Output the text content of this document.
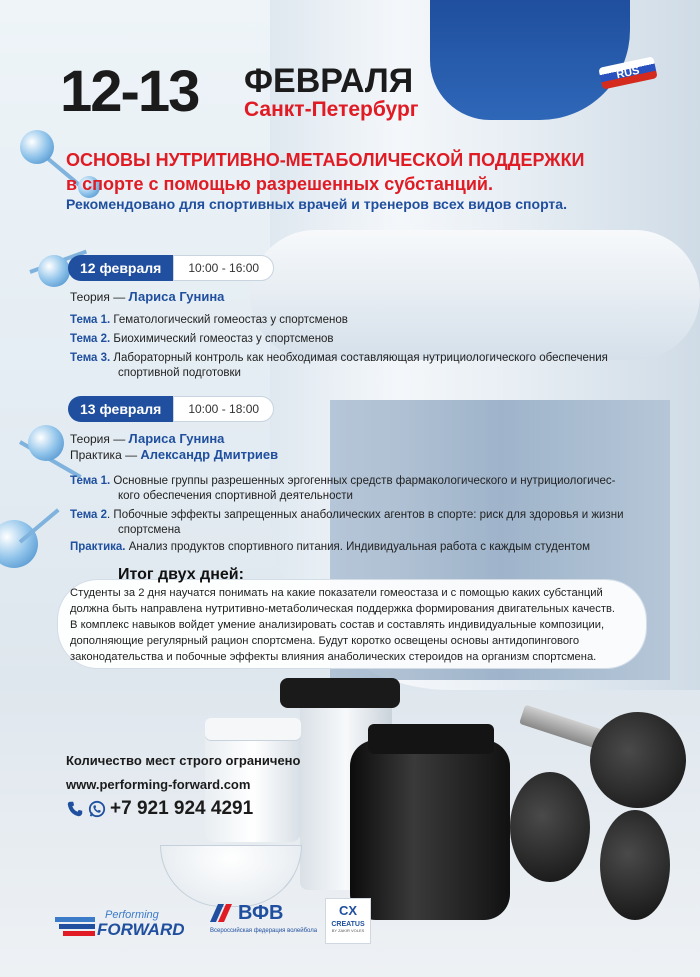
RUS
12-13 ФЕВРАЛЯ
Санкт-Петербург
ОСНОВЫ НУТРИТИВНО-МЕТАБОЛИЧЕСКОЙ ПОДДЕРЖКИ
в спорте с помощью разрешенных субстанций.
Рекомендовано для спортивных врачей и тренеров всех видов спорта.
12 февраля	10:00 - 16:00
Теория — Лариса Гунина
Тема 1. Гематологический гомеостаз у спортсменов
Тема 2. Биохимический гомеостаз у спортсменов
Тема 3. Лабораторный контроль как необходимая составляющая нутрициологического обеспечения
спортивной подготовки
13 февраля	10:00 - 18:00
Теория — Лариса Гунина
Практика — Александр Дмитриев
Тема 1. Основные группы разрешенных эргогенных средств фармакологического и нутрициологичес-
кого обеспечения спортивной деятельности
Тема 2. Побочные эффекты запрещенных анаболических агентов в спорте: риск для здоровья и жизни
спортсмена
Практика. Анализ продуктов спортивного питания. Индивидуальная работа с каждым студентом
Итог двух дней:
Студенты за 2 дня научатся понимать на какие показатели гомеостаза и с помощью каких субстанций
должна быть направлена нутритивно-метаболическая поддержка формирования двигательных качеств.
В комплекс навыков войдет умение анализировать состав и составлять индивидуальные композиции,
дополняющие регулярный рацион спортсмена. Будут коротко освещены основы антидопингового
законодательства и побочные эффекты влияния анаболических стероидов на организм спортсмена.
Количество мест строго ограничено
www.performing-forward.com
+7 921 924 4291
Performing
FORWARD
ВФВ
Всероссийская федерация волейбола
CX
CREATUS
BY ZAKIR VOLES
